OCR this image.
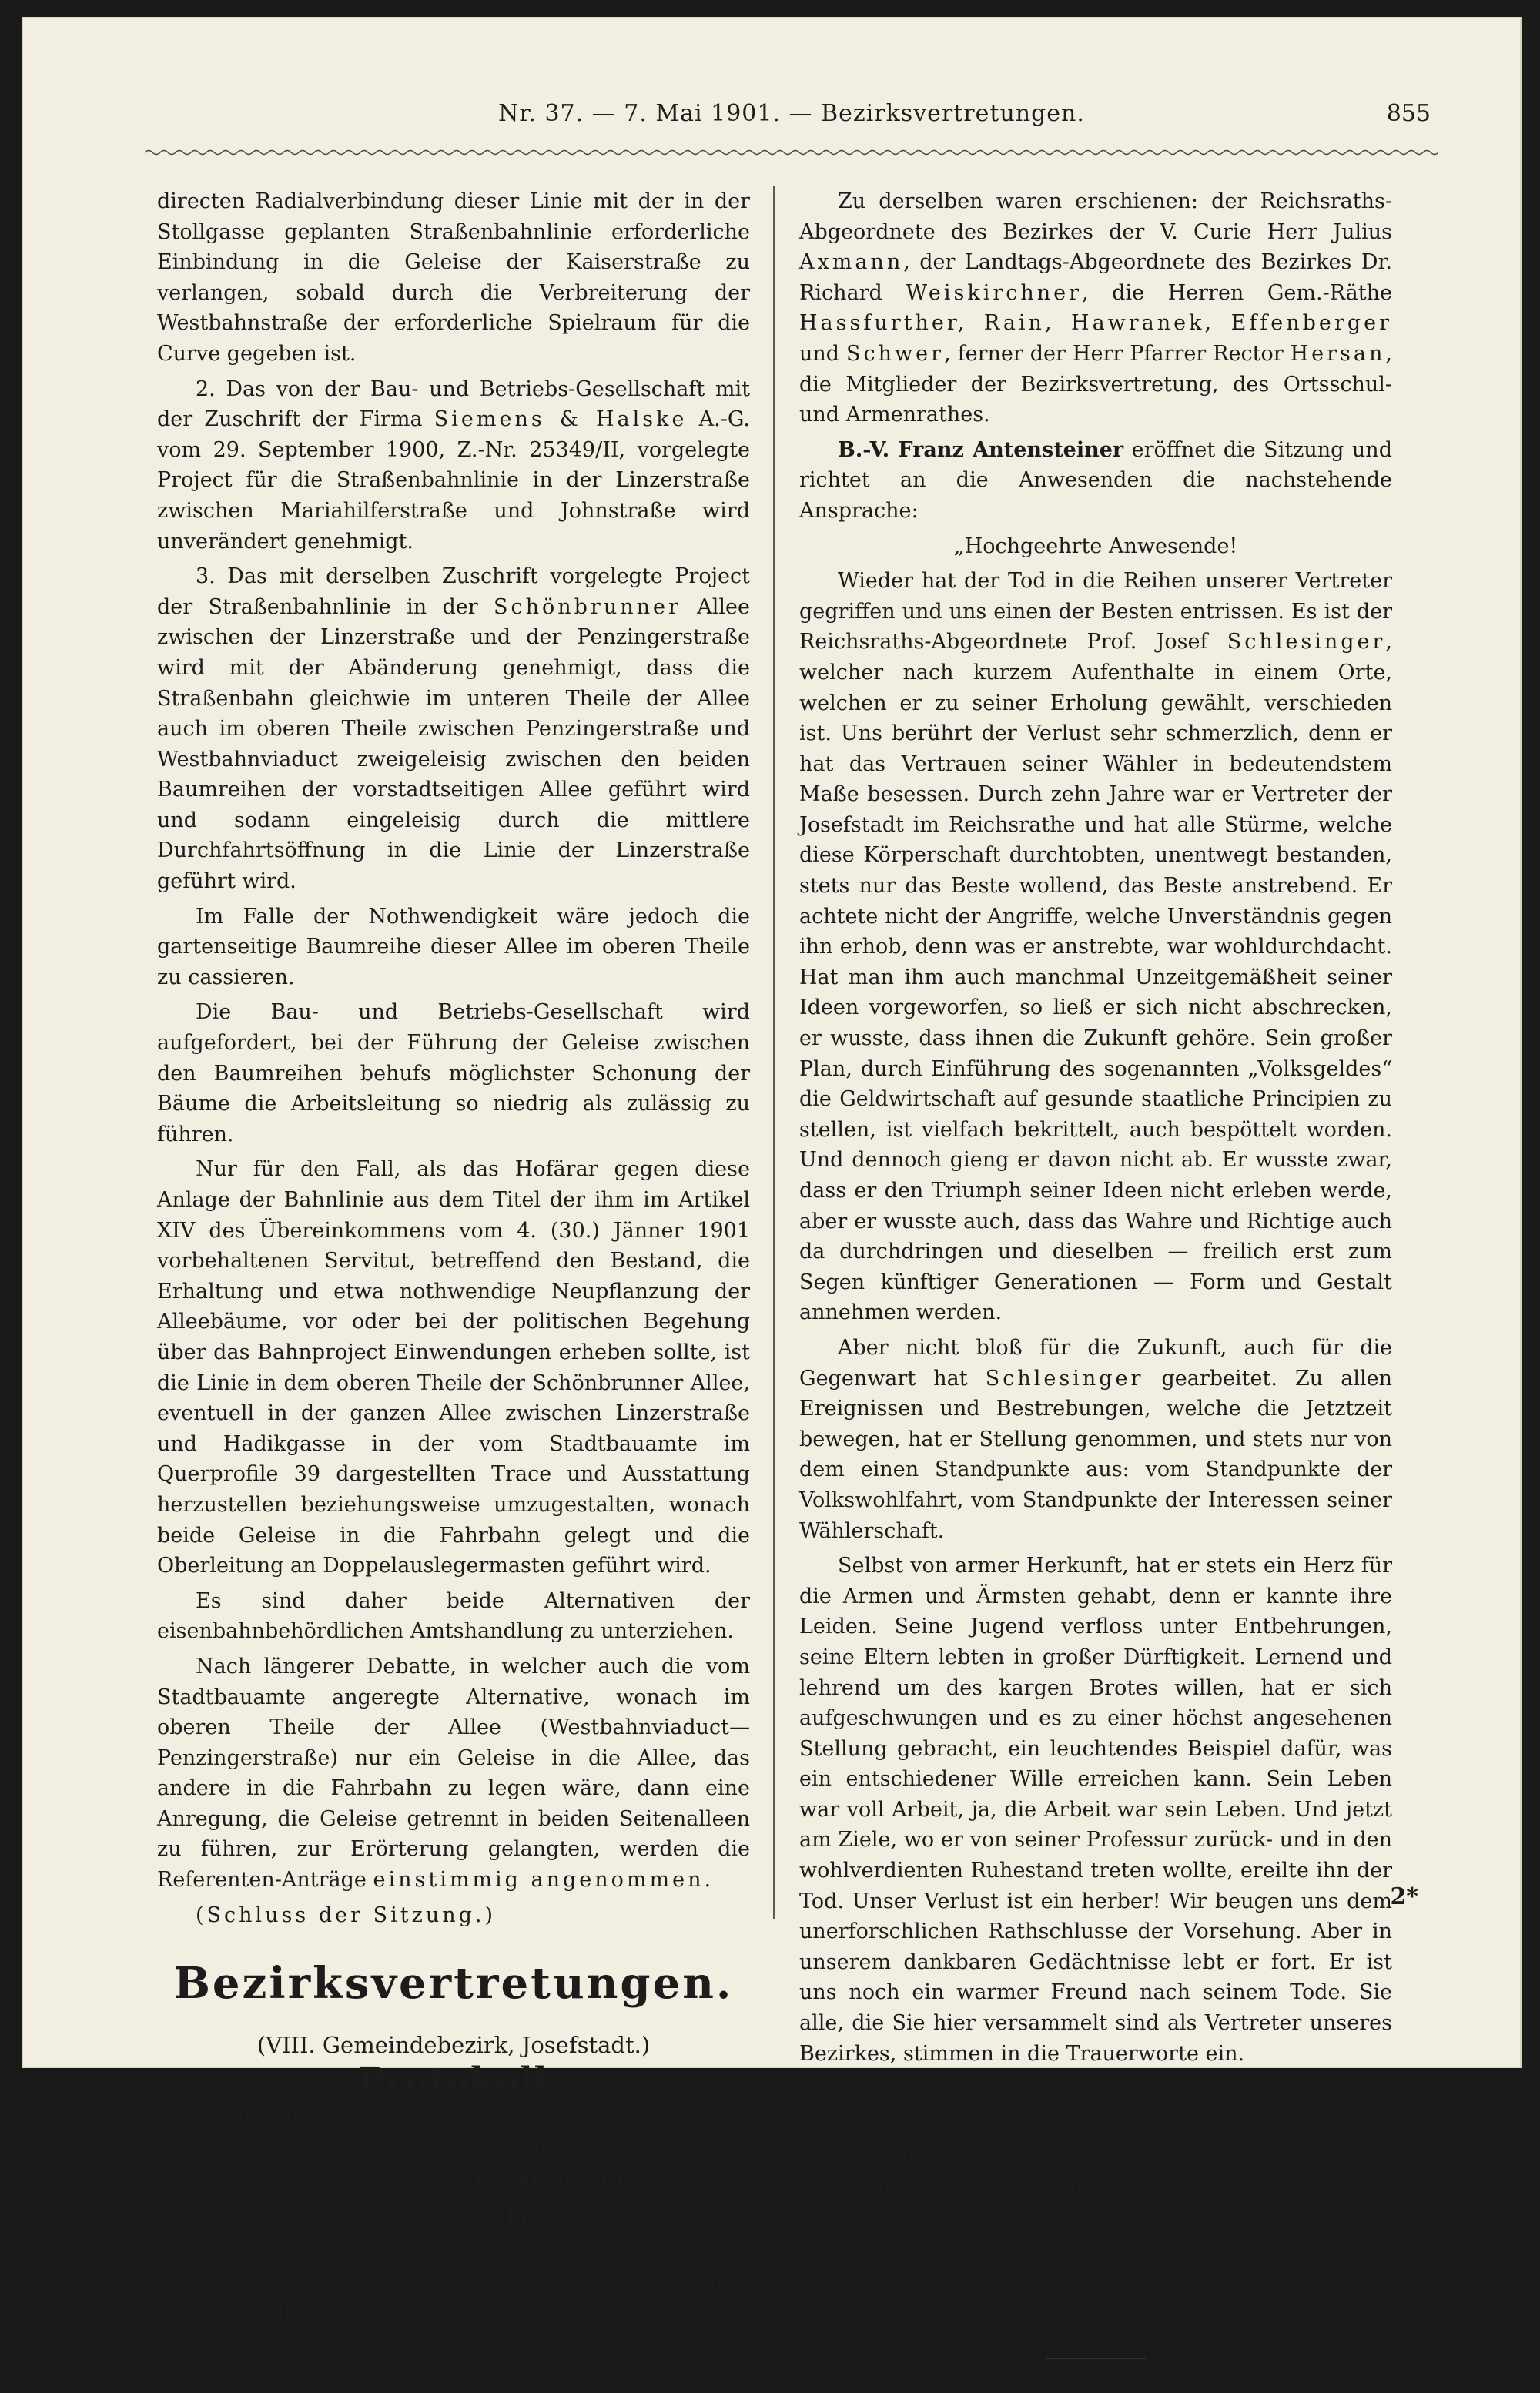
Nr. 37. — 7. Mai 1901. — Bezirksvertretungen.	855

directen Radialverbindung dieser Linie mit der in der Stollgasse geplanten Straßenbahnlinie erforderliche Einbindung in die Geleise der Kaiserstraße zu verlangen, sobald durch die Verbreiterung der Westbahnstraße der erforderliche Spielraum für die Curve gegeben ist.

2. Das von der Bau- und Betriebs-Gesellschaft mit der Zuschrift der Firma Siemens & Halske A.-G. vom 29. September 1900, Z.-Nr. 25349/II, vorgelegte Project für die Straßenbahnlinie in der Linzerstraße zwischen Mariahilferstraße und Johnstraße wird unverändert genehmigt.

3. Das mit derselben Zuschrift vorgelegte Project der Straßenbahnlinie in der Schönbrunner Allee zwischen der Linzerstraße und der Penzingerstraße wird mit der Abänderung genehmigt, dass die Straßenbahn gleichwie im unteren Theile der Allee auch im oberen Theile zwischen Penzingerstraße und Westbahnviaduct zweigeleisig zwischen den beiden Baumreihen der vorstadtseitigen Allee geführt wird und sodann eingeleisig durch die mittlere Durchfahrtsöffnung in die Linie der Linzerstraße geführt wird.

Im Falle der Nothwendigkeit wäre jedoch die gartenseitige Baumreihe dieser Allee im oberen Theile zu cassieren.

Die Bau- und Betriebs-Gesellschaft wird aufgefordert, bei der Führung der Geleise zwischen den Baumreihen behufs möglichster Schonung der Bäume die Arbeitsleitung so niedrig als zulässig zu führen.

Nur für den Fall, als das Hofärar gegen diese Anlage der Bahnlinie aus dem Titel der ihm im Artikel XIV des Übereinkommens vom 4. (30.) Jänner 1901 vorbehaltenen Servitut, betreffend den Bestand, die Erhaltung und etwa nothwendige Neupflanzung der Alleebäume, vor oder bei der politischen Begehung über das Bahnproject Einwendungen erheben sollte, ist die Linie in dem oberen Theile der Schönbrunner Allee, eventuell in der ganzen Allee zwischen Linzerstraße und Hadikgasse in der vom Stadtbauamte im Querprofile 39 dargestellten Trace und Ausstattung herzustellen beziehungsweise umzugestalten, wonach beide Geleise in die Fahrbahn gelegt und die Oberleitung an Doppelauslegermasten geführt wird.

Es sind daher beide Alternativen der eisenbahnbehördlichen Amtshandlung zu unterziehen.

Nach längerer Debatte, in welcher auch die vom Stadtbauamte angeregte Alternative, wonach im oberen Theile der Allee (Westbahnviaduct—Penzingerstraße) nur ein Geleise in die Allee, das andere in die Fahrbahn zu legen wäre, dann eine Anregung, die Geleise getrennt in beiden Seitenalleen zu führen, zur Erörterung gelangten, werden die Referenten-Anträge einstimmig angenommen.

(Schluss der Sitzung.)

Bezirksvertretungen.

(VIII. Gemeindebezirk, Josefstadt.)

Protokoll

über die außerordentliche Sitzung der Bezirksvertretung

Josefstadt vom 13. April 1901.

Vorsitzender: Bezirksvorsteher Franz Antensteiner.

Anlässlich des Todes des Reichsraths-Abgeordneten Prof. Josef Schlesinger fand am 13. April 1901 um 4 Uhr nachmittags im Gemeindehause des VIII. Bezirkes eine außerordentliche Sitzung der Bezirksvertretung statt.

Zu derselben waren erschienen: der Reichsraths-Abgeordnete des Bezirkes der V. Curie Herr Julius Axmann, der Landtags-Abgeordnete des Bezirkes Dr. Richard Weiskirchner, die Herren Gem.-Räthe Hassfurther, Rain, Hawranek, Effenberger und Schwer, ferner der Herr Pfarrer Rector Hersan, die Mitglieder der Bezirksvertretung, des Ortsschul- und Armenrathes.

B.-V. Franz Antensteiner eröffnet die Sitzung und richtet an die Anwesenden die nachstehende Ansprache:

„Hochgeehrte Anwesende!

Wieder hat der Tod in die Reihen unserer Vertreter gegriffen und uns einen der Besten entrissen. Es ist der Reichsraths-Abgeordnete Prof. Josef Schlesinger, welcher nach kurzem Aufenthalte in einem Orte, welchen er zu seiner Erholung gewählt, verschieden ist. Uns berührt der Verlust sehr schmerzlich, denn er hat das Vertrauen seiner Wähler in bedeutendstem Maße besessen. Durch zehn Jahre war er Vertreter der Josefstadt im Reichsrathe und hat alle Stürme, welche diese Körperschaft durchtobten, unentwegt bestanden, stets nur das Beste wollend, das Beste anstrebend. Er achtete nicht der Angriffe, welche Unverständnis gegen ihn erhob, denn was er anstrebte, war wohldurchdacht. Hat man ihm auch manchmal Unzeitgemäßheit seiner Ideen vorgeworfen, so ließ er sich nicht abschrecken, er wusste, dass ihnen die Zukunft gehöre. Sein großer Plan, durch Einführung des sogenannten „Volksgeldes“ die Geldwirtschaft auf gesunde staatliche Principien zu stellen, ist vielfach bekrittelt, auch bespöttelt worden. Und dennoch gieng er davon nicht ab. Er wusste zwar, dass er den Triumph seiner Ideen nicht erleben werde, aber er wusste auch, dass das Wahre und Richtige auch da durchdringen und dieselben — freilich erst zum Segen künftiger Generationen — Form und Gestalt annehmen werden.

Aber nicht bloß für die Zukunft, auch für die Gegenwart hat Schlesinger gearbeitet. Zu allen Ereignissen und Bestrebungen, welche die Jetztzeit bewegen, hat er Stellung genommen, und stets nur von dem einen Standpunkte aus: vom Standpunkte der Volkswohlfahrt, vom Standpunkte der Interessen seiner Wählerschaft.

Selbst von armer Herkunft, hat er stets ein Herz für die Armen und Ärmsten gehabt, denn er kannte ihre Leiden. Seine Jugend verfloss unter Entbehrungen, seine Eltern lebten in großer Dürftigkeit. Lernend und lehrend um des kargen Brotes willen, hat er sich aufgeschwungen und es zu einer höchst angesehenen Stellung gebracht, ein leuchtendes Beispiel dafür, was ein entschiedener Wille erreichen kann. Sein Leben war voll Arbeit, ja, die Arbeit war sein Leben. Und jetzt am Ziele, wo er von seiner Professur zurück- und in den wohlverdienten Ruhestand treten wollte, ereilte ihn der Tod. Unser Verlust ist ein herber! Wir beugen uns dem unerforschlichen Rathschlusse der Vorsehung. Aber in unserem dankbaren Gedächtnisse lebt er fort. Er ist uns noch ein warmer Freund nach seinem Tode. Sie alle, die Sie hier versammelt sind als Vertreter unseres Bezirkes, stimmen in die Trauerworte ein.

Möge er friedlich ruhen, sei ein letzter Wunsch für ihn.

Ich bitte Sie, meine Herren, bezeugen Sie Ihr Verehrung für den Todten dadurch, dass Sie am nächsten Dienstag an seinem Leichenbegängnisse theilnehmen, zu welchem ich Sie hiemit geziemend einlade.

Ich schließe die Sitzung.“

2*
